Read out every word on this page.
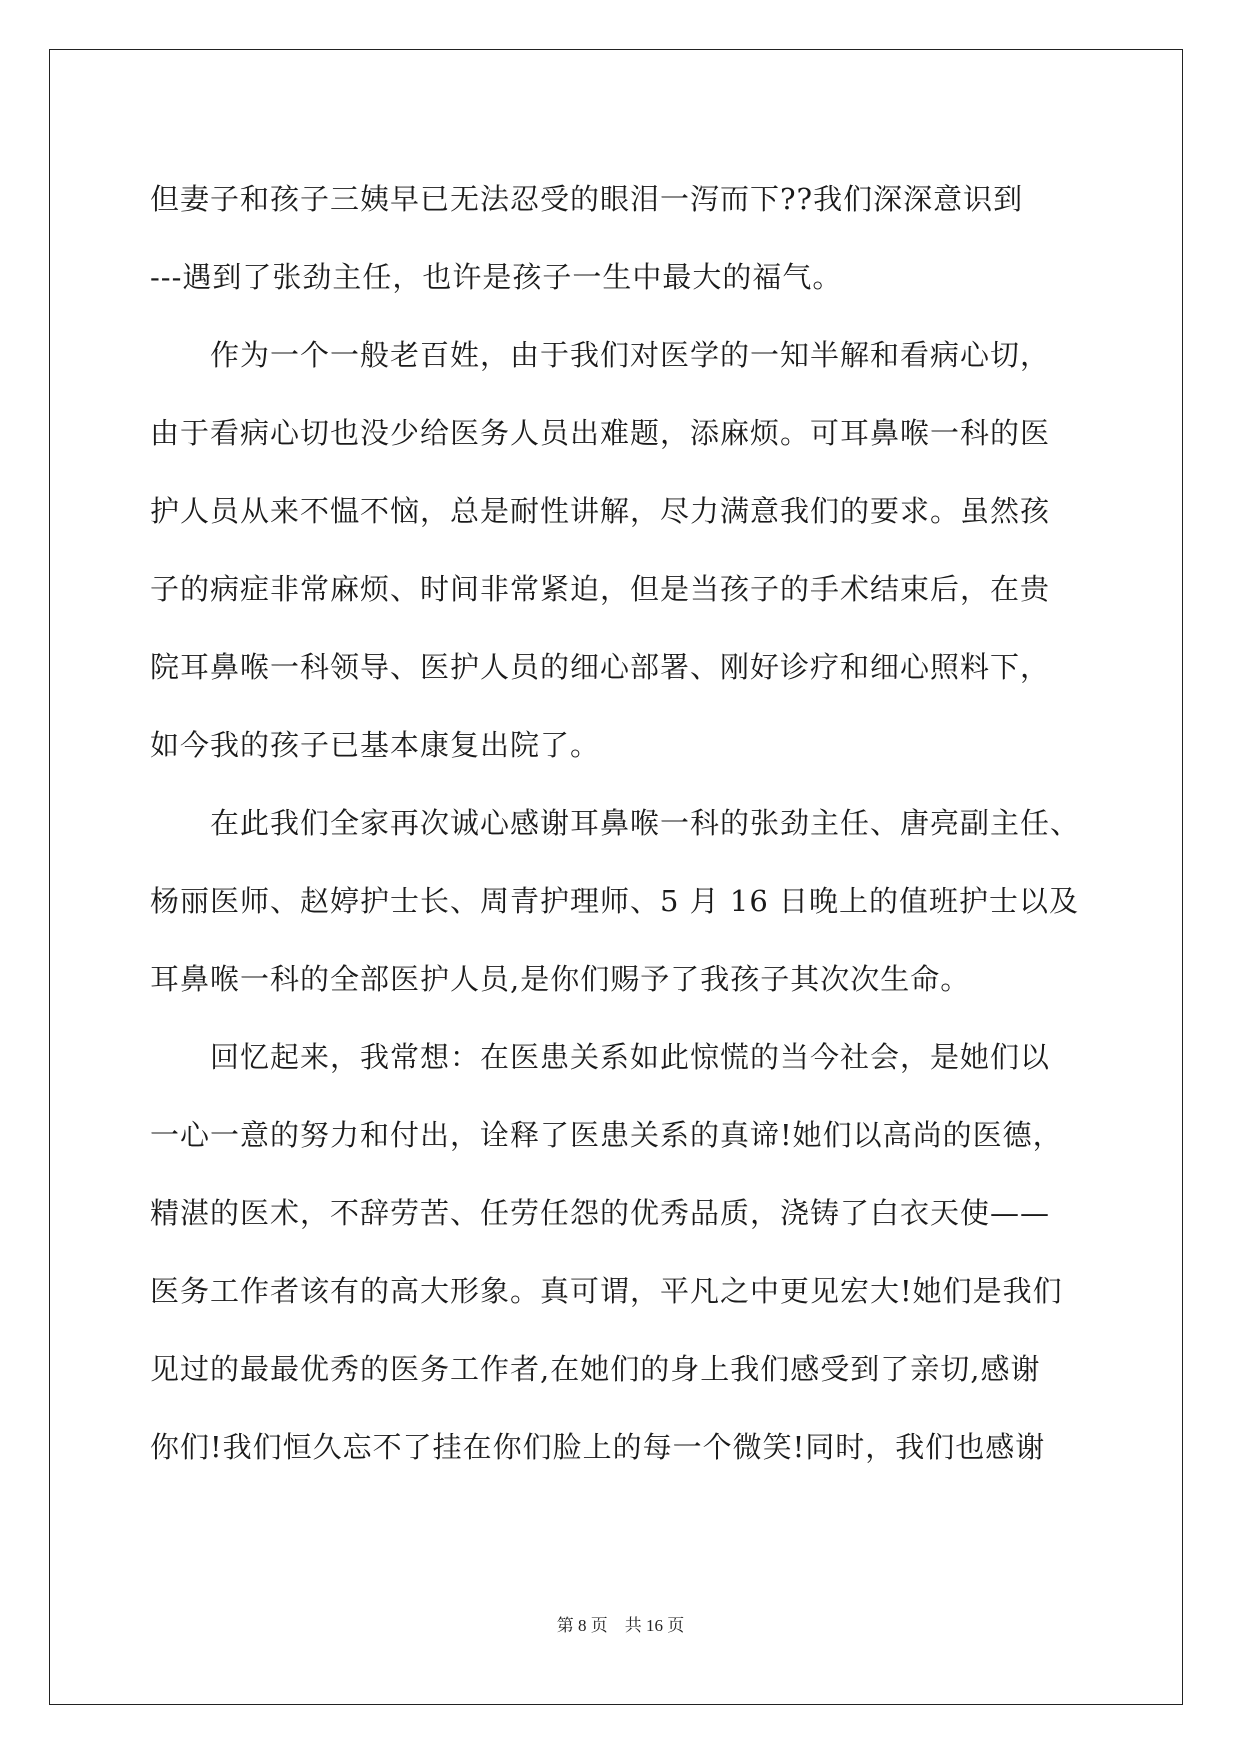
但妻子和孩子三姨早已无法忍受的眼泪一泻而下??我们深深意识到
---遇到了张劲主任，也许是孩子一生中最大的福气。

　　作为一个一般老百姓，由于我们对医学的一知半解和看病心切，
由于看病心切也没少给医务人员出难题，添麻烦。可耳鼻喉一科的医
护人员从来不愠不恼，总是耐性讲解，尽力满意我们的要求。虽然孩
子的病症非常麻烦、时间非常紧迫，但是当孩子的手术结束后，在贵
院耳鼻喉一科领导、医护人员的细心部署、刚好诊疗和细心照料下，
如今我的孩子已基本康复出院了。

　　在此我们全家再次诚心感谢耳鼻喉一科的张劲主任、唐亮副主任、
杨丽医师、赵婷护士长、周青护理师、5 月 16 日晚上的值班护士以及
耳鼻喉一科的全部医护人员,是你们赐予了我孩子其次次生命。

　　回忆起来，我常想：在医患关系如此惊慌的当今社会，是她们以
一心一意的努力和付出，诠释了医患关系的真谛!她们以高尚的医德，
精湛的医术，不辞劳苦、任劳任怨的优秀品质，浇铸了白衣天使——
医务工作者该有的高大形象。真可谓，平凡之中更见宏大!她们是我们
见过的最最优秀的医务工作者,在她们的身上我们感受到了亲切,感谢
你们!我们恒久忘不了挂在你们脸上的每一个微笑!同时，我们也感谢

第 8 页　共 16 页
